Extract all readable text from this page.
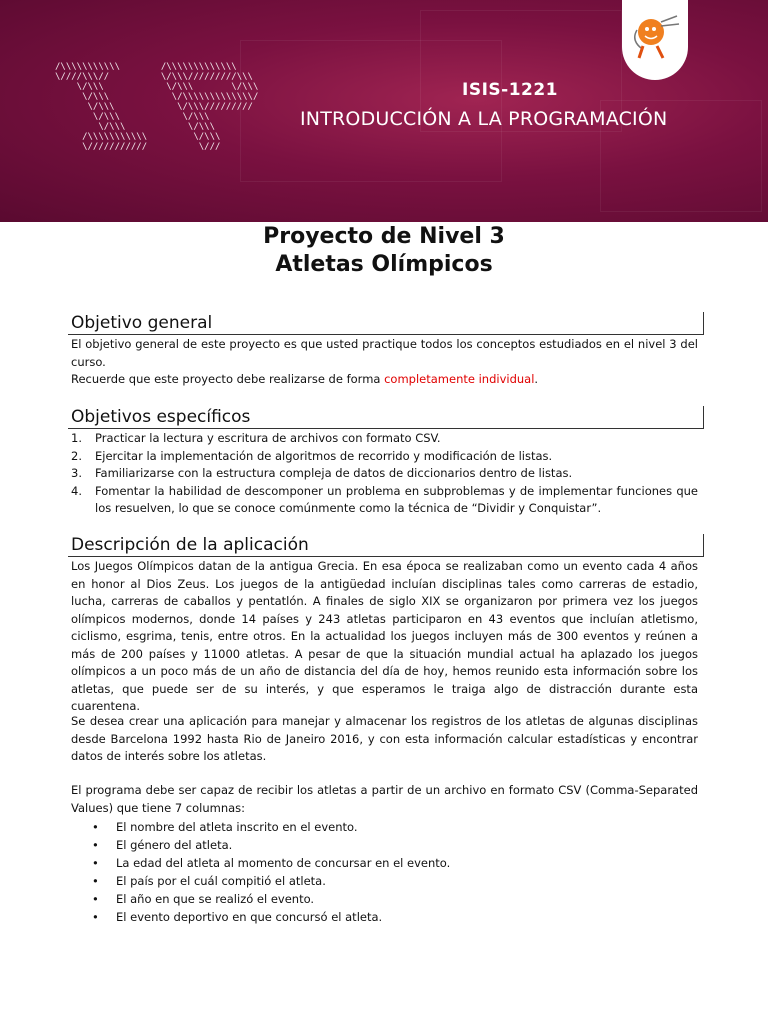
/\\\\\\\\\\\
\////\\\//
\/\\\
\/\\\
\/\\\
\/\\\
\/\\\
/\\\\\\\\\\\
\///////////
/\\\\\\\\\\\\\
\/\\\/////////\\\
\/\\\       \/\\\
\/\\\\\\\\\\\\\/
\/\\\/////////
\/\\\
\/\\\
\/\\\
\///
ISIS-1221
INTRODUCCIÓN A LA PROGRAMACIÓN
Proyecto de Nivel 3
Atletas Olímpicos
Objetivo general

El objetivo general de este proyecto es que usted practique todos los conceptos estudiados en el nivel 3 del curso.
Recuerde que este proyecto debe realizarse de forma completamente individual.

Objetivos específicos
1. Practicar la lectura y escritura de archivos con formato CSV.
2. Ejercitar la implementación de algoritmos de recorrido y modificación de listas.
3. Familiarizarse con la estructura compleja de datos de diccionarios dentro de listas.
4. Fomentar la habilidad de descomponer un problema en subproblemas y de implementar funciones que los resuelven, lo que se conoce comúnmente como la técnica de “Dividir y Conquistar”.
Descripción de la aplicación

Los Juegos Olímpicos datan de la antigua Grecia. En esa época se realizaban como un evento cada 4 años en honor al Dios Zeus. Los juegos de la antigüedad incluían disciplinas tales como carreras de estadio, lucha, carreras de caballos y pentatlón. A finales de siglo XIX se organizaron por primera vez los juegos olímpicos modernos, donde 14 países y 243 atletas participaron en 43 eventos que incluían atletismo, ciclismo, esgrima, tenis, entre otros. En la actualidad los juegos incluyen más de 300 eventos y reúnen a más de 200 países y 11000 atletas. A pesar de que la situación mundial actual ha aplazado los juegos olímpicos a un poco más de un año de distancia del día de hoy, hemos reunido esta información sobre los atletas, que puede ser de su interés, y que esperamos le traiga algo de distracción durante esta cuarentena.

Se desea crear una aplicación para manejar y almacenar los registros de los atletas de algunas disciplinas desde Barcelona 1992 hasta Rio de Janeiro 2016, y con esta información calcular estadísticas y encontrar datos de interés sobre los atletas.

El programa debe ser capaz de recibir los atletas a partir de un archivo en formato CSV (Comma-Separated Values) que tiene 7 columnas:

• El nombre del atleta inscrito en el evento.
• El género del atleta.
• La edad del atleta al momento de concursar en el evento.
• El país por el cuál compitió el atleta.
• El año en que se realizó el evento.
• El evento deportivo en que concursó el atleta.
